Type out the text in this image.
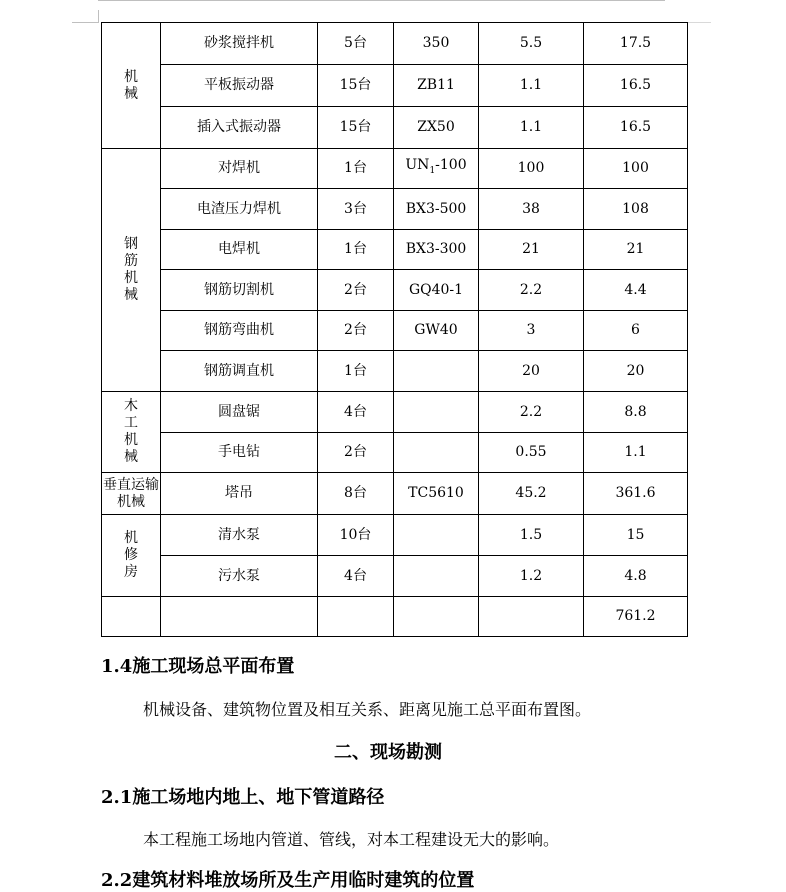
机械	砂浆搅拌机	5台	350	5.5	17.5
	平板振动器	15台	ZB11	1.1	16.5
	插入式振动器	15台	ZX50	1.1	16.5
钢筋机械	对焊机	1台	$UN_1-100$	100	100
	电渣压力焊机	3台	BX3-500	38	108
	电焊机	1台	BX3-300	21	21
	钢筋切割机	2台	GQ40-1	2.2	4.4
	钢筋弯曲机	2台	GW40	3	6
	钢筋调直机	1台		20	20
木工机械	圆盘锯	4台		2.2	8.8
	手电钻	2台		0.55	1.1
垂直运输机械	塔吊	8台	TC5610	45.2	361.6
机修房	清水泵	10台		1.5	15
	污水泵	4台		1.2	4.8
					761.2
1.4施工现场总平面布置
机械设备、建筑物位置及相互关系、距离见施工总平面布置图。
二、现场勘测
2.1施工场地内地上、地下管道路径
本工程施工场地内管道、管线，对本工程建设无大的影响。
2.2建筑材料堆放场所及生产用临时建筑的位置
